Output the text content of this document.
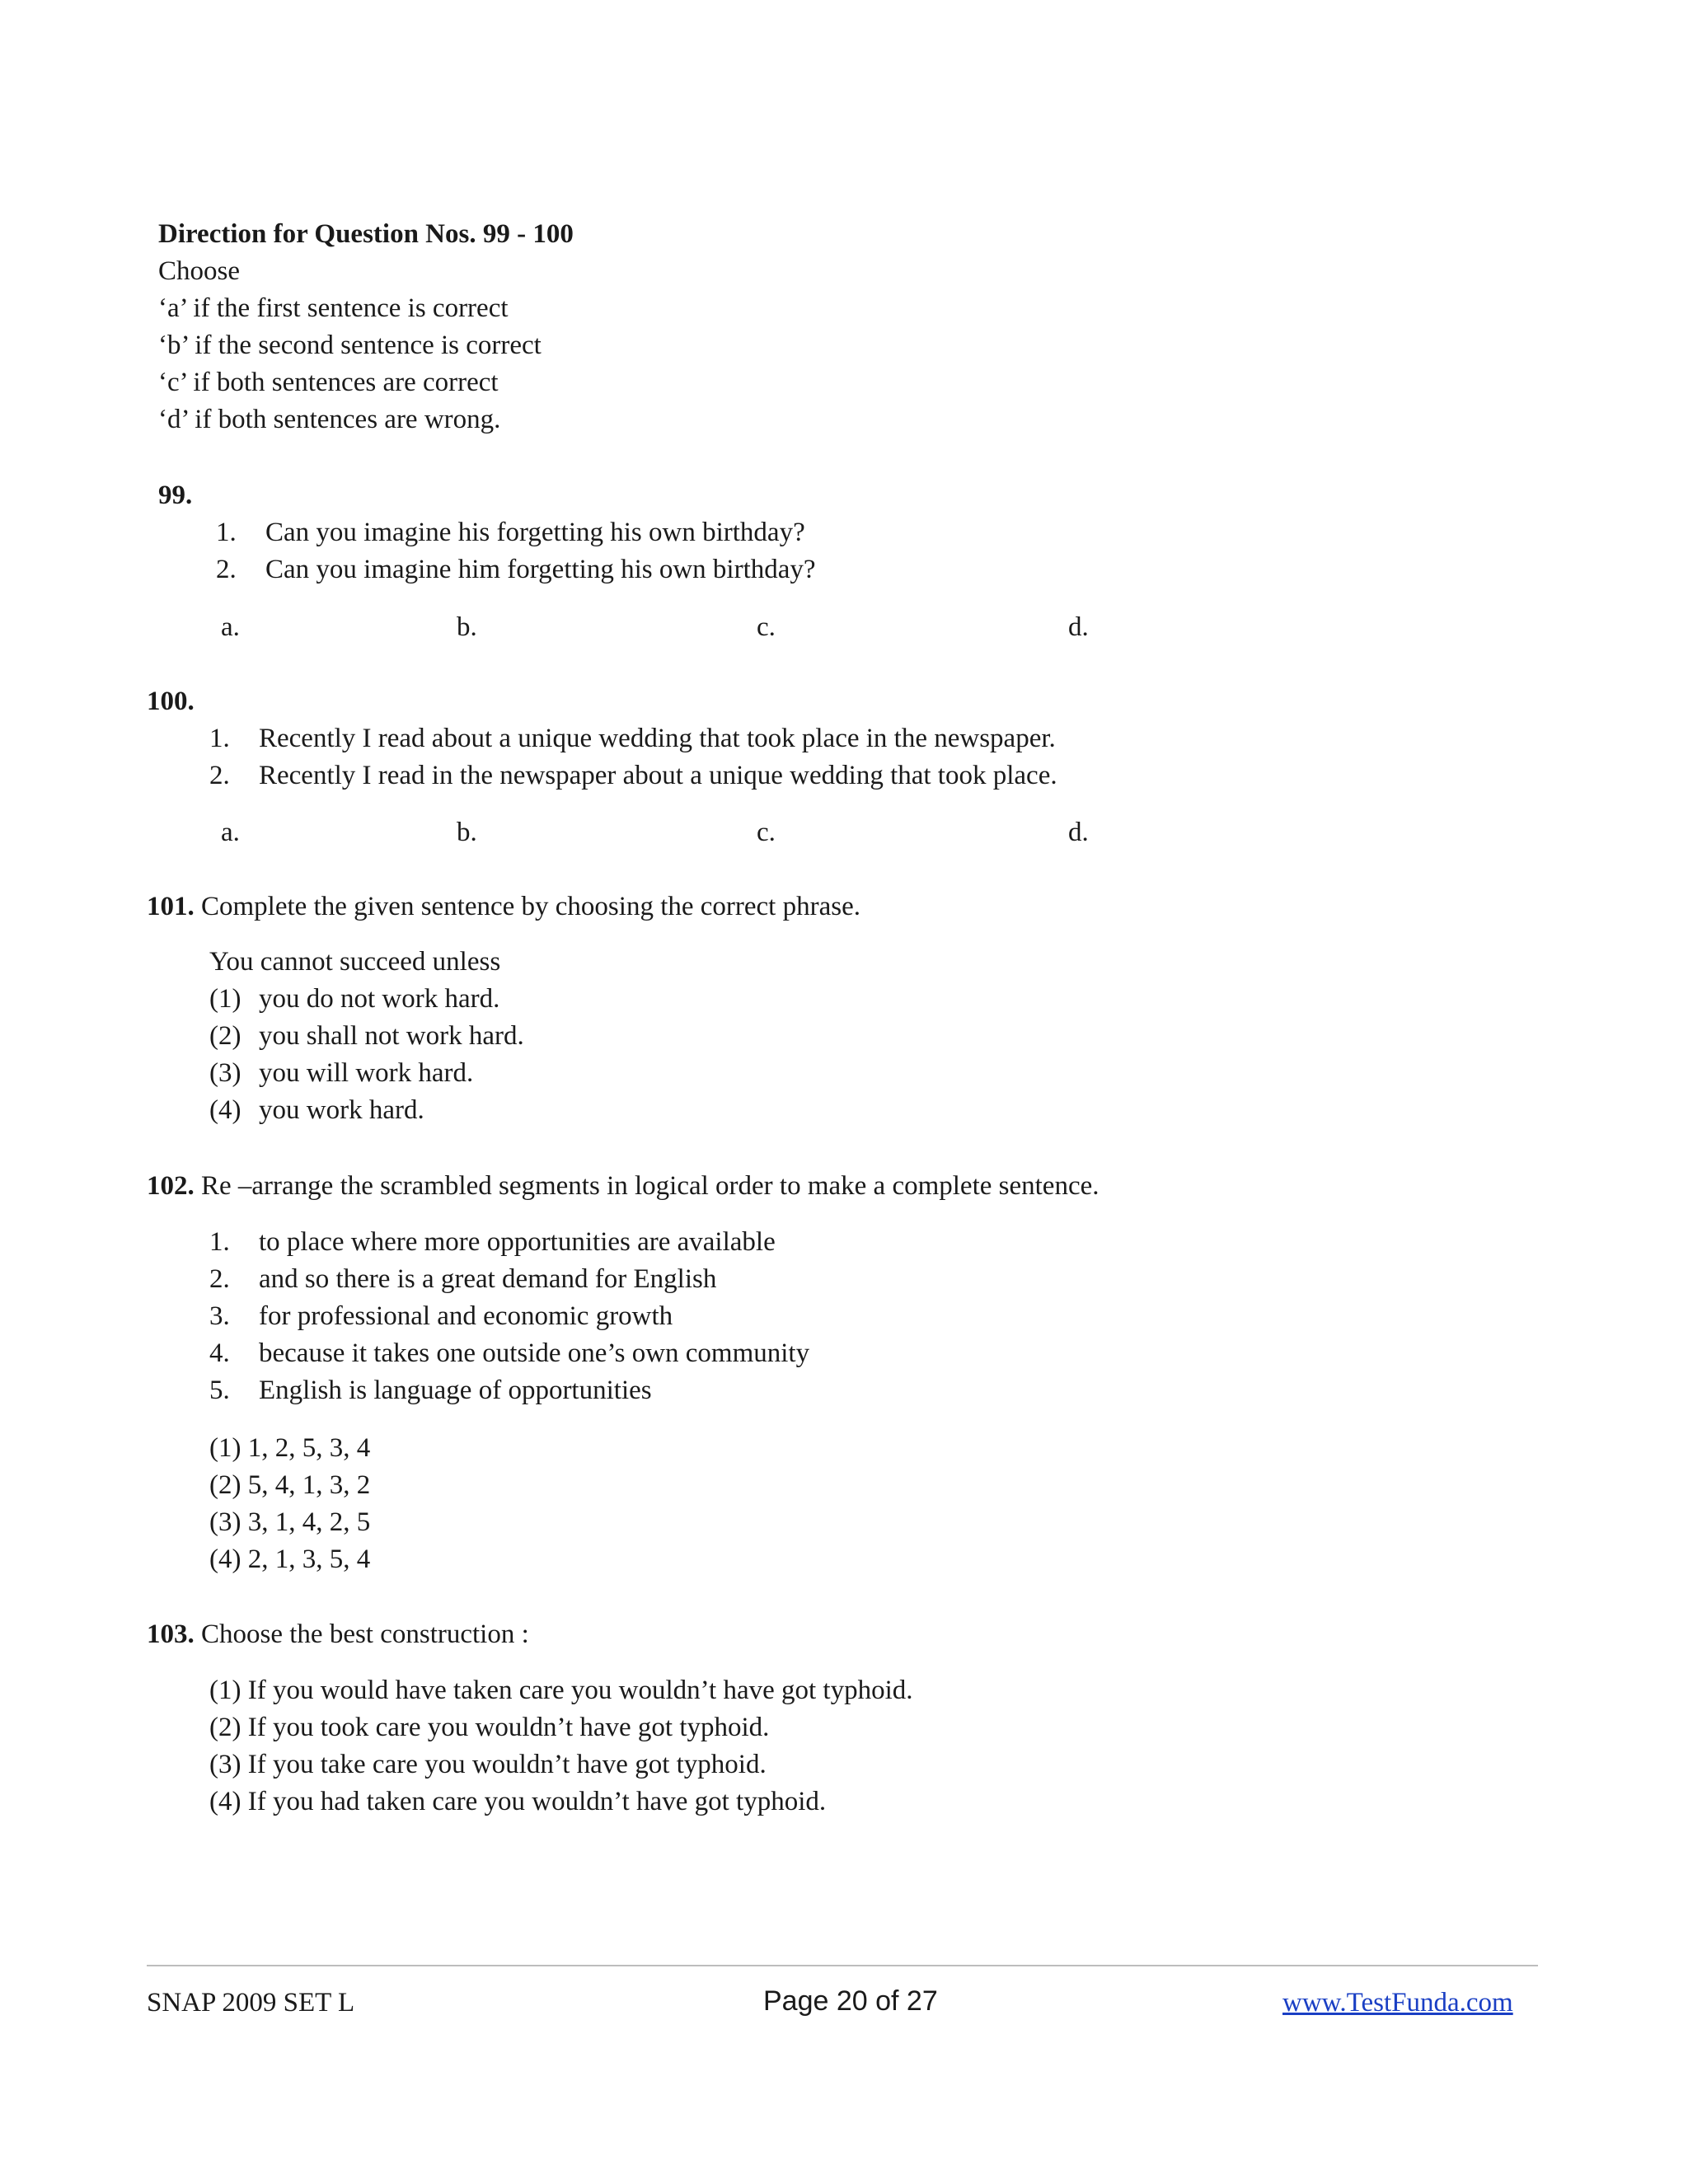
Direction for Question Nos. 99 - 100
Choose
‘a’ if the first sentence is correct
‘b’ if the second sentence is correct
‘c’ if both sentences are correct
‘d’ if both sentences are wrong.
99.
1. Can you imagine his forgetting his own birthday?
2. Can you imagine him forgetting his own birthday?
a.	b.	c.	d.
100.
1. Recently I read about a unique wedding that took place in the newspaper.
2. Recently I read in the newspaper about a unique wedding that took place.
a.	b.	c.	d.
101. Complete the given sentence by choosing the correct phrase.
You cannot succeed unless
(1) you do not work hard.
(2) you shall not work hard.
(3) you will work hard.
(4) you work hard.
102. Re –arrange the scrambled segments in logical order to make a complete sentence.
1. to place where more opportunities are available
2. and so there is a great demand for English
3. for professional and economic growth
4. because it takes one outside one’s own community
5. English is language of opportunities
(1) 1, 2, 5, 3, 4
(2) 5, 4, 1, 3, 2
(3) 3, 1, 4, 2, 5
(4) 2, 1, 3, 5, 4
103. Choose the best construction :
(1) If you would have taken care you wouldn’t have got typhoid.
(2) If you took care you wouldn’t have got typhoid.
(3) If you take care you wouldn’t have got typhoid.
(4) If you had taken care you wouldn’t have got typhoid.
SNAP 2009 SET L	Page 20 of 27	www.TestFunda.com
